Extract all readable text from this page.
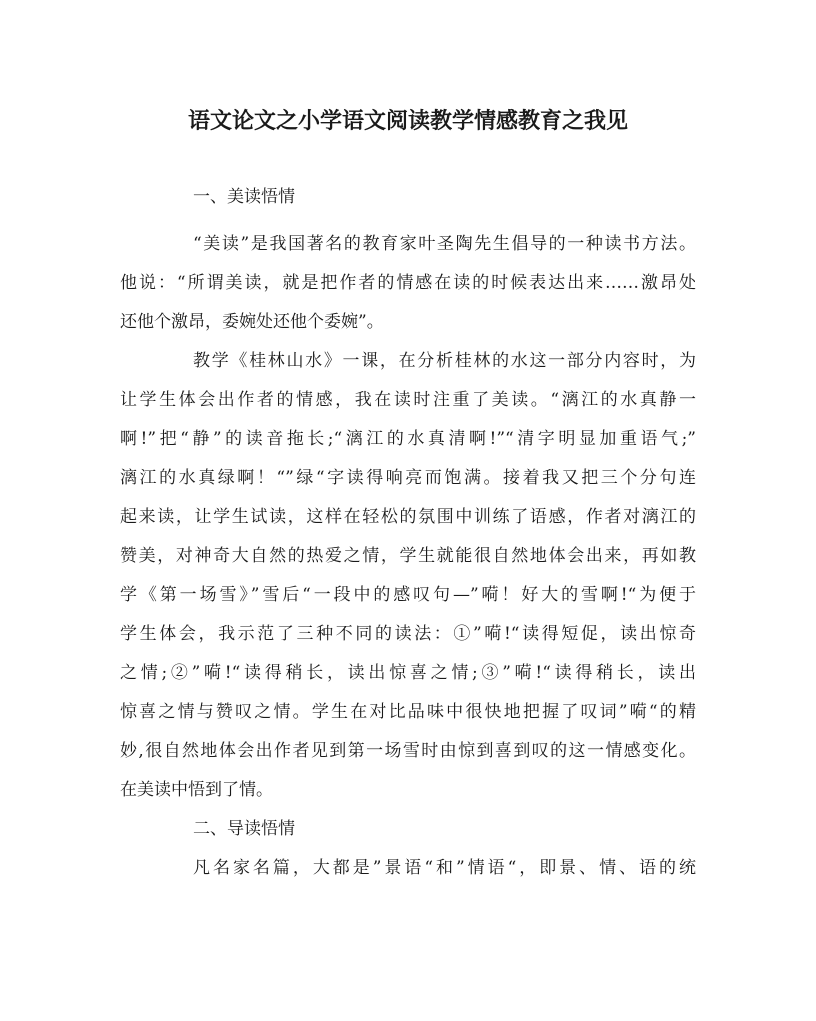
语文论文之小学语文阅读教学情感教育之我见
一、美读悟情
“美读”是我国著名的教育家叶圣陶先生倡导的一种读书方法。
他说：“所谓美读，就是把作者的情感在读的时候表达出来……激昂处
还他个激昂，委婉处还他个委婉”。
教学《桂林山水》一课，在分析桂林的水这一部分内容时，为
让学生体会出作者的情感，我在读时注重了美读。“漓江的水真静一
啊!”把“静”的读音拖长;“漓江的水真清啊!”“清字明显加重语气;”
漓江的水真绿啊！“”绿“字读得响亮而饱满。接着我又把三个分句连
起来读，让学生试读，这样在轻松的氛围中训练了语感，作者对漓江的
赞美，对神奇大自然的热爱之情，学生就能很自然地体会出来，再如教
学《第一场雪》”雪后“一段中的感叹句—”嗬！好大的雪啊!“为便于
学生体会，我示范了三种不同的读法：①”嗬!“读得短促，读出惊奇
之情;②”嗬!“读得稍长，读出惊喜之情;③”嗬!“读得稍长，读出
惊喜之情与赞叹之情。学生在对比品味中很快地把握了叹词”嗬“的精
妙,很自然地体会出作者见到第一场雪时由惊到喜到叹的这一情感变化。
在美读中悟到了情。
二、导读悟情
凡名家名篇，大都是”景语“和”情语“，即景、情、语的统
